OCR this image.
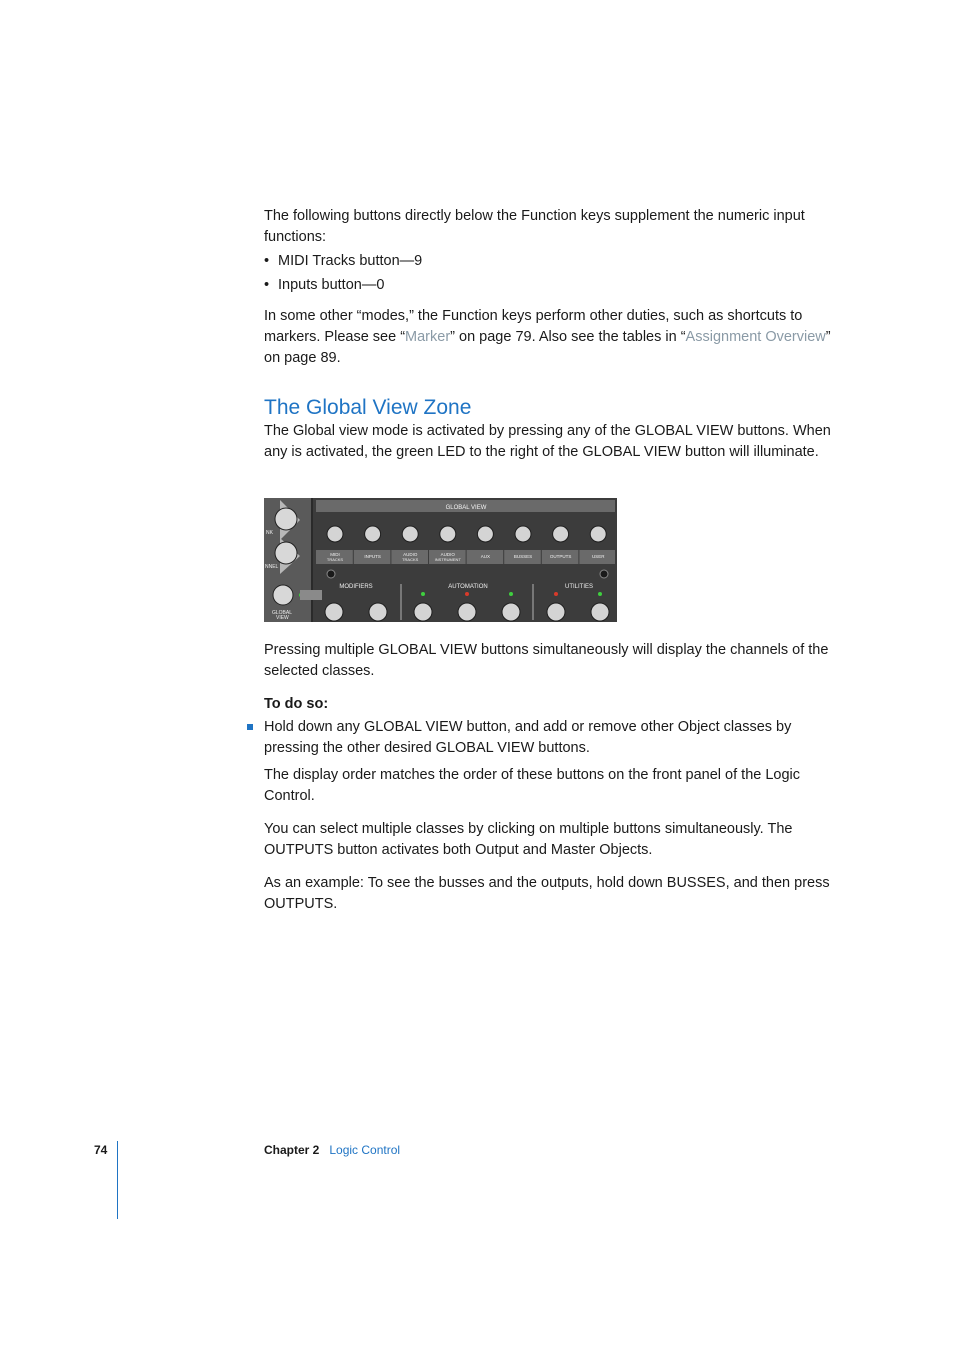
The following buttons directly below the Function keys supplement the numeric input functions:

• MIDI Tracks button—9
• Inputs button—0

In some other “modes,” the Function keys perform other duties, such as shortcuts to markers. Please see “Marker” on page 79. Also see the tables in “Assignment Overview” on page 89.

The Global View Zone

The Global view mode is activated by pressing any of the GLOBAL VIEW buttons. When any is activated, the green LED to the right of the GLOBAL VIEW button will illuminate.

NK
NNEL
GLOBAL
VIEW
GLOBAL VIEW
MIDI
TRACKS
INPUTS	AUDIO
TRACKS
AUDIO
INSTRUMENT
AUX	BUSSES	OUTPUTS	USER
MODIFIERS	AUTOMATION	UTILITIES

Pressing multiple GLOBAL VIEW buttons simultaneously will display the channels of the selected classes.

To do so:

Hold down any GLOBAL VIEW button, and add or remove other Object classes by pressing the other desired GLOBAL VIEW buttons.

The display order matches the order of these buttons on the front panel of the Logic Control.

You can select multiple classes by clicking on multiple buttons simultaneously. The OUTPUTS button activates both Output and Master Objects.

As an example: To see the busses and the outputs, hold down BUSSES, and then press OUTPUTS.

74	Chapter 2 Logic Control
